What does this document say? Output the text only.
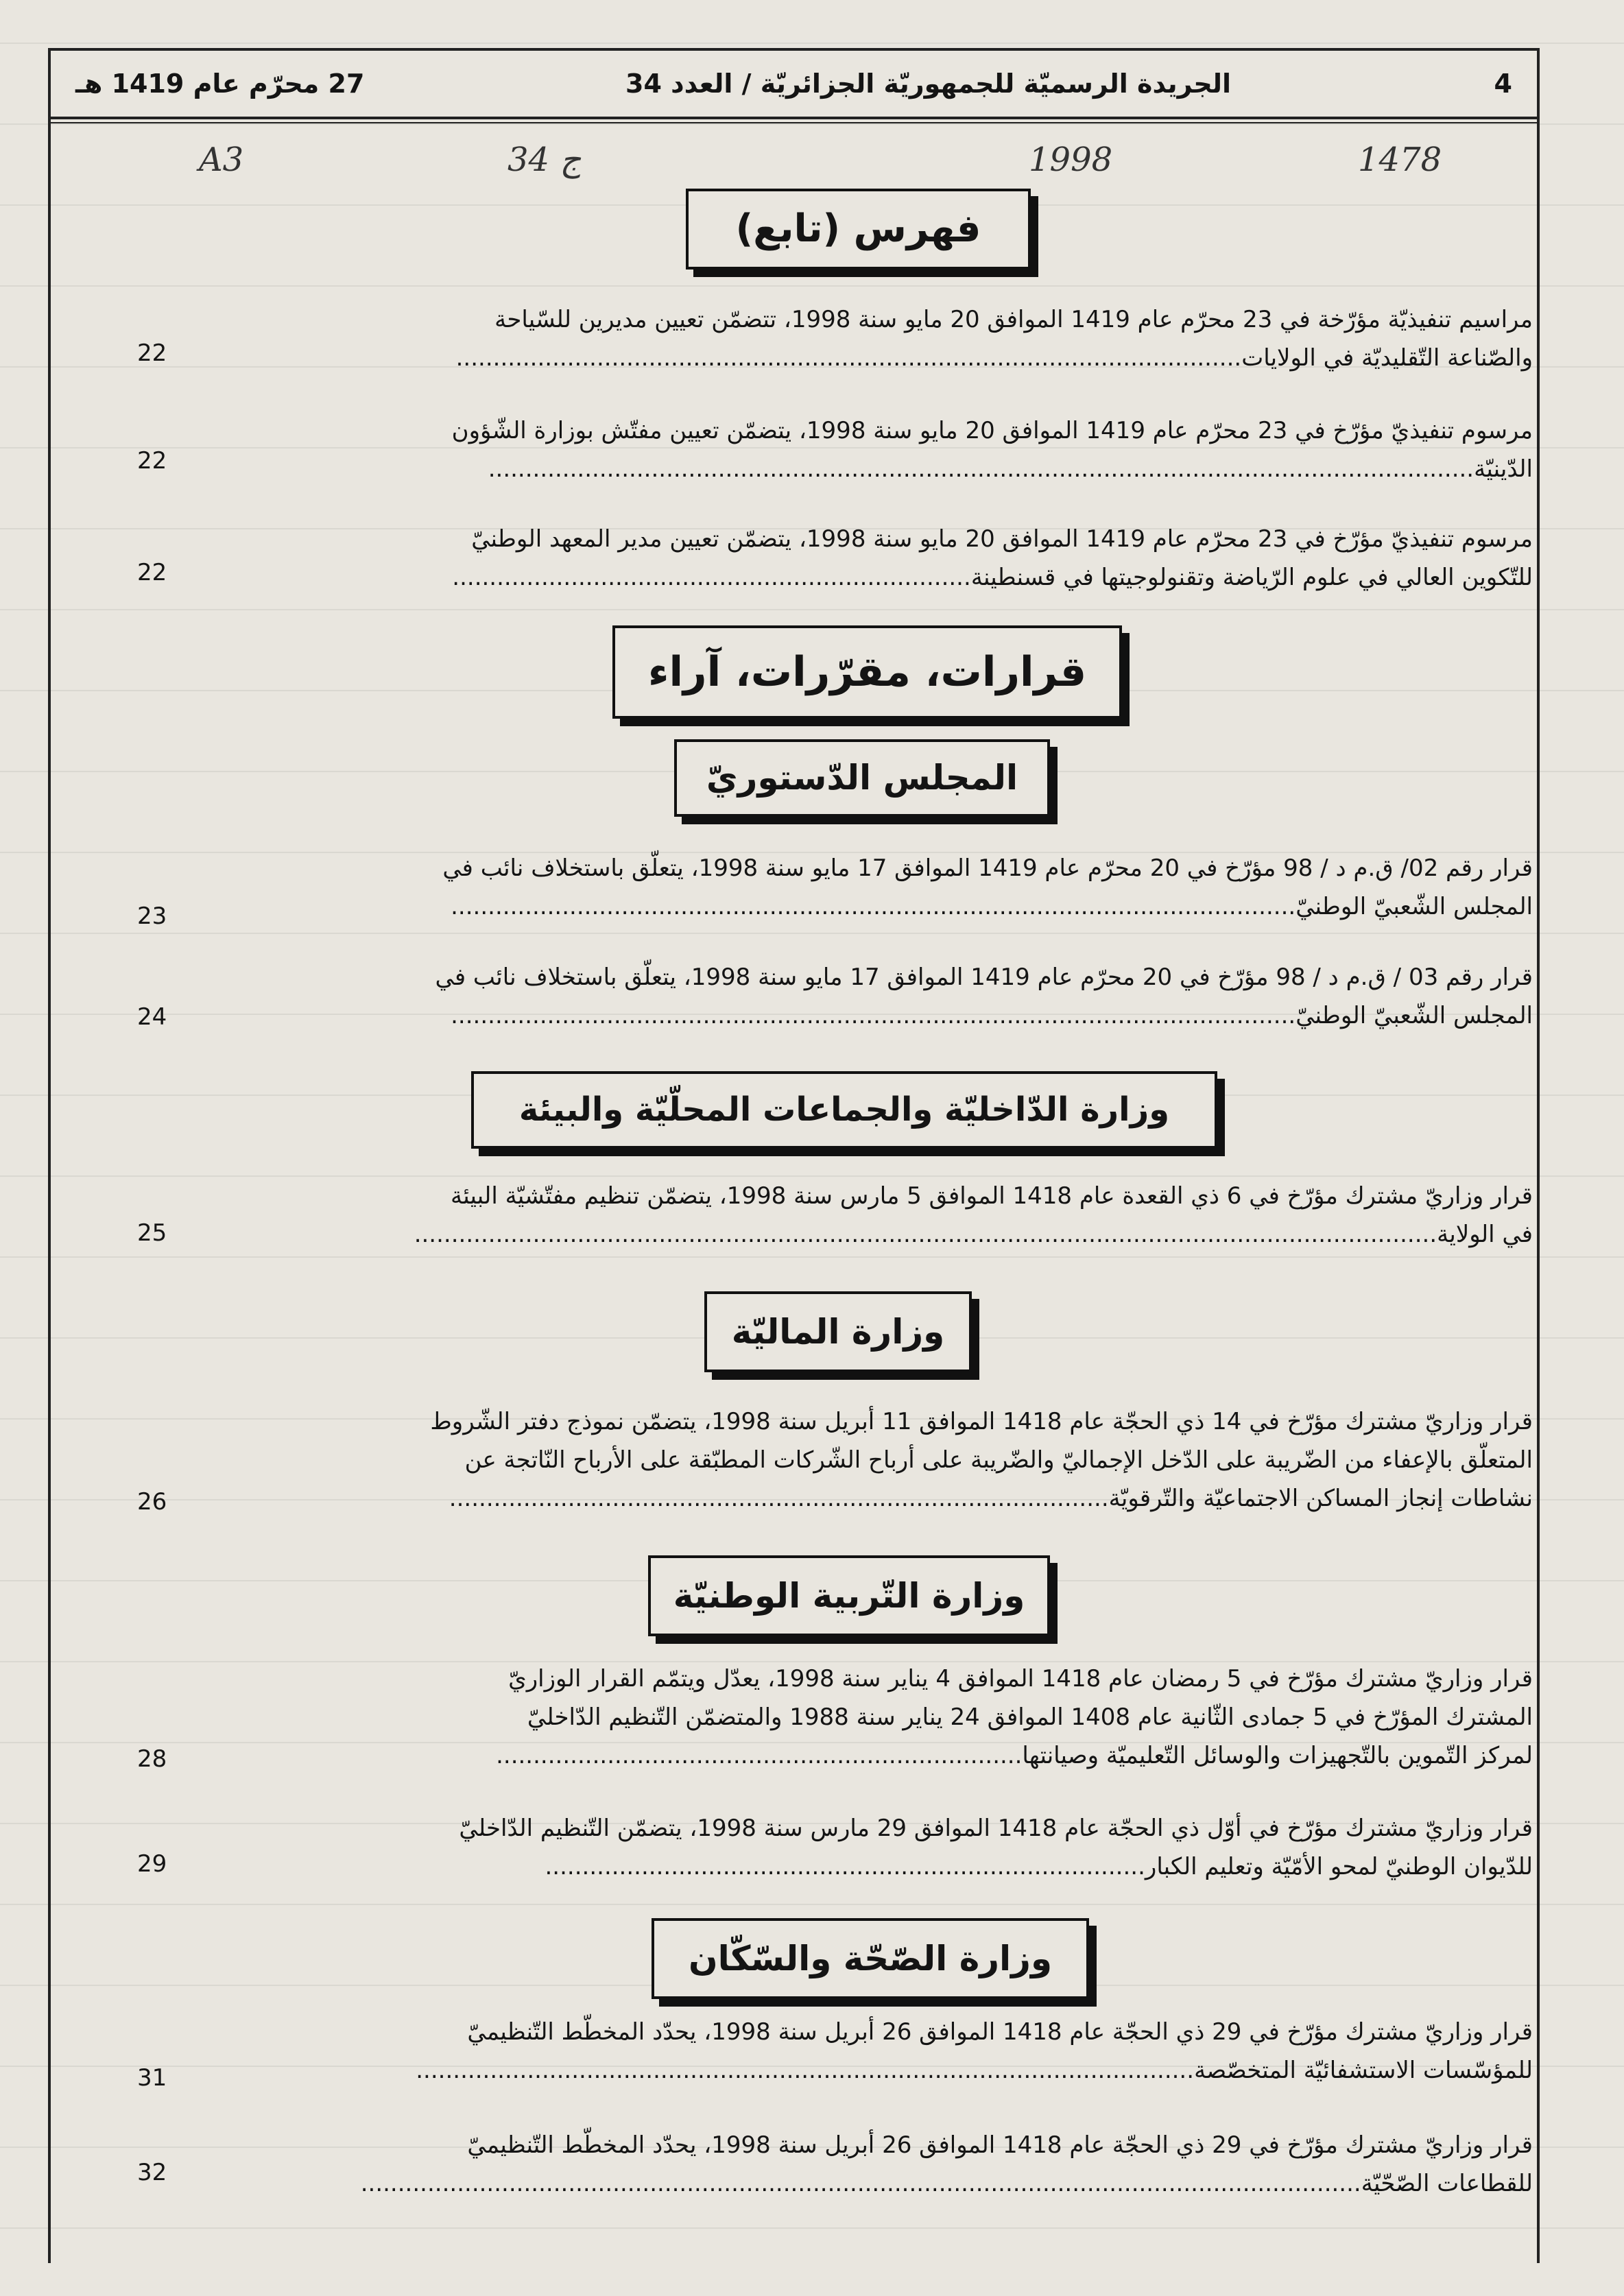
4
الجريدة الرسميّة للجمهوريّة الجزائريّة / العدد 34
27 محرّم عام 1419 هـ
1478
1998
34 ج
A3
فهرس (تابع)
مراسيم تنفيذيّة مؤرّخة في 23 محرّم عام 1419 الموافق 20 مايو سنة 1998، تتضمّن تعيين مديرين للسّياحة
والصّناعة التّقليديّة في الولايات..........................................................................................................
22
مرسوم تنفيذيّ مؤرّخ في 23 محرّم عام 1419 الموافق 20 مايو سنة 1998، يتضمّن تعيين مفتّش بوزارة الشّؤون
الدّينيّة.....................................................................................................................................
22
مرسوم تنفيذيّ مؤرّخ في 23 محرّم عام 1419 الموافق 20 مايو سنة 1998، يتضمّن تعيين مدير المعهد الوطنيّ
للتّكوين العالي في علوم الرّياضة وتقنولوجيتها في قسنطينة......................................................................
22
قرارات، مقرّرات، آراء
المجلس الدّستوريّ
قرار رقم 02/ ق.م د / 98 مؤرّخ في 20 محرّم عام 1419 الموافق 17 مايو سنة 1998، يتعلّق باستخلاف نائب في
المجلس الشّعبيّ الوطنيّ..................................................................................................................
23
قرار رقم 03 / ق.م د / 98 مؤرّخ في 20 محرّم عام 1419 الموافق 17 مايو سنة 1998، يتعلّق باستخلاف نائب في
المجلس الشّعبيّ الوطنيّ..................................................................................................................
24
وزارة الدّاخليّة والجماعات المحلّيّة والبيئة
قرار وزاريّ مشترك مؤرّخ في 6 ذي القعدة عام 1418 الموافق 5 مارس سنة 1998، يتضمّن تنظيم مفتّشيّة البيئة
في الولاية..........................................................................................................................................
25
وزارة الماليّة
قرار وزاريّ مشترك مؤرّخ في 14 ذي الحجّة عام 1418 الموافق 11 أبريل سنة 1998، يتضمّن نموذج دفتر الشّروط
المتعلّق بالإعفاء من الضّريبة على الدّخل الإجماليّ والضّريبة على أرباح الشّركات المطبّقة على الأرباح النّاتجة عن
نشاطات إنجاز المساكن الاجتماعيّة والتّرقويّة.........................................................................................
26
وزارة التّربية الوطنيّة
قرار وزاريّ مشترك مؤرّخ في 5 رمضان عام 1418 الموافق 4 يناير سنة 1998، يعدّل ويتمّم القرار الوزاريّ
المشترك المؤرّخ في 5 جمادى الثّانية عام 1408 الموافق 24 يناير سنة 1988 والمتضمّن التّنظيم الدّاخليّ
لمركز التّموين بالتّجهيزات والوسائل التّعليميّة وصيانتها.......................................................................
28
قرار وزاريّ مشترك مؤرّخ في أوّل ذي الحجّة عام 1418 الموافق 29 مارس سنة 1998، يتضمّن التّنظيم الدّاخليّ
للدّيوان الوطنيّ لمحو الأمّيّة وتعليم الكبار.................................................................................
29
وزارة الصّحّة والسّكّان
قرار وزاريّ مشترك مؤرّخ في 29 ذي الحجّة عام 1418 الموافق 26 أبريل سنة 1998، يحدّد المخطّط التّنظيميّ
للمؤسّسات الاستشفائيّة المتخصّصة.........................................................................................................
31
قرار وزاريّ مشترك مؤرّخ في 29 ذي الحجّة عام 1418 الموافق 26 أبريل سنة 1998، يحدّد المخطّط التّنظيميّ
للقطاعات الصّحّيّة.......................................................................................................................................
32
